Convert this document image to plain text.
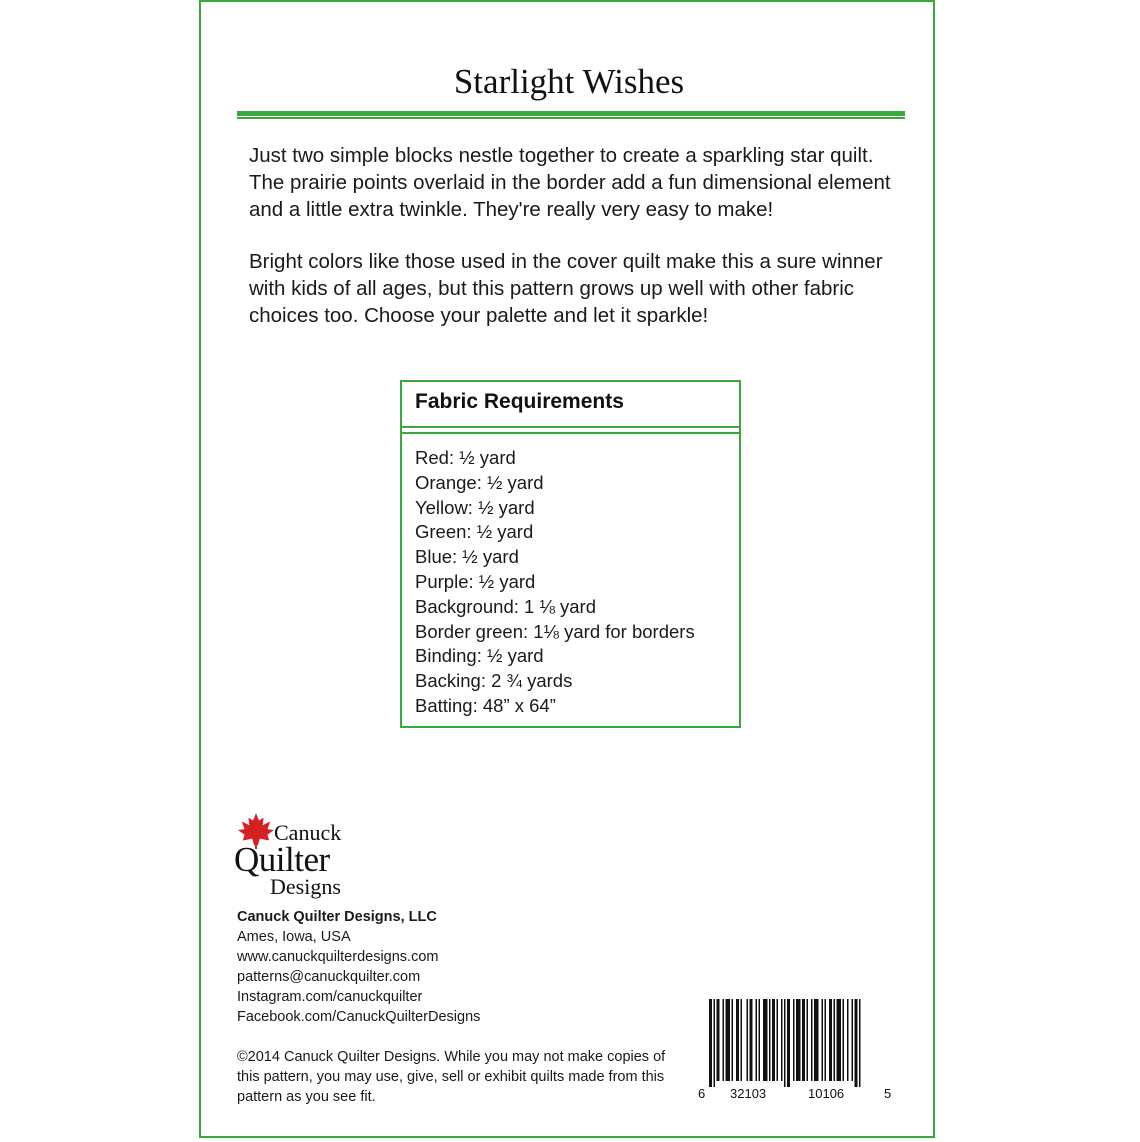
Starlight Wishes

Just two simple blocks nestle together to create a sparkling star quilt. The prairie points overlaid in the border add a fun dimensional element and a little extra twinkle. They're really very easy to make!

Bright colors like those used in the cover quilt make this a sure winner with kids of all ages, but this pattern grows up well with other fabric choices too. Choose your palette and let it sparkle!

Fabric Requirements
Red: ½ yard
Orange: ½ yard
Yellow: ½ yard
Green: ½ yard
Blue: ½ yard
Purple: ½ yard
Background: 1 ⅛ yard
Border green: 1⅛ yard for borders
Binding: ½ yard
Backing: 2 ¾ yards
Batting: 48” x 64”
Canuck
Quilter
Designs
Canuck Quilter Designs, LLC
Ames, Iowa, USA
www.canuckquilterdesigns.com
patterns@canuckquilter.com
Instagram.com/canuckquilter
Facebook.com/CanuckQuilterDesigns

©2014 Canuck Quilter Designs. While you may not make copies of this pattern, you may use, give, sell or exhibit quilts made from this pattern as you see fit.	6 32103	10106	5
